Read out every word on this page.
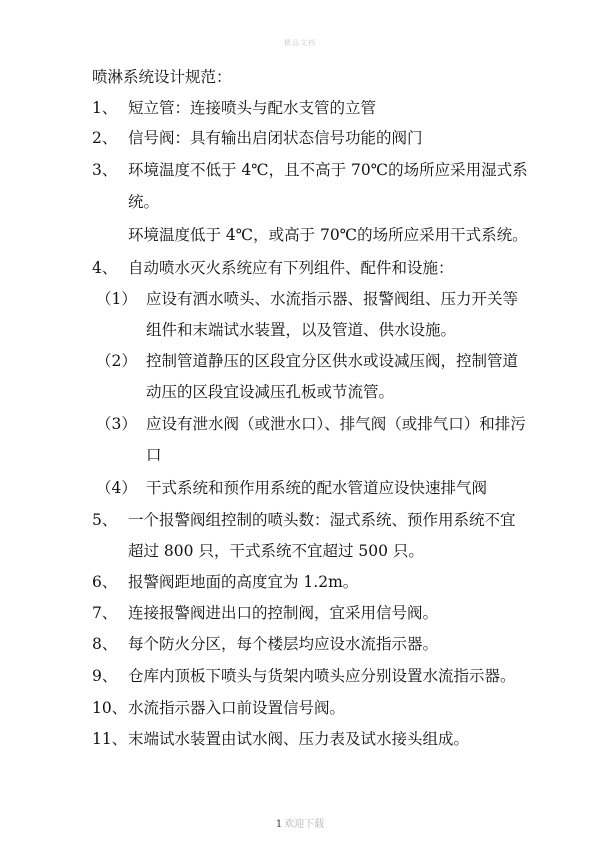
精品文档
喷淋系统设计规范：
1、 短立管：连接喷头与配水支管的立管
2、 信号阀：具有输出启闭状态信号功能的阀门
3、 环境温度不低于 4℃，且不高于 70℃的场所应采用湿式系
统。
环境温度低于 4℃，或高于 70℃的场所应采用干式系统。
4、 自动喷水灭火系统应有下列组件、配件和设施：
（1） 应设有洒水喷头、水流指示器、报警阀组、压力开关等
组件和末端试水装置，以及管道、供水设施。
（2） 控制管道静压的区段宜分区供水或设减压阀，控制管道
动压的区段宜设减压孔板或节流管。
（3） 应设有泄水阀（或泄水口）、排气阀（或排气口）和排污
口
（4） 干式系统和预作用系统的配水管道应设快速排气阀
5、 一个报警阀组控制的喷头数：湿式系统、预作用系统不宜
超过 800 只，干式系统不宜超过 500 只。
6、 报警阀距地面的高度宜为 1.2m。
7、 连接报警阀进出口的控制阀，宜采用信号阀。
8、 每个防火分区，每个楼层均应设水流指示器。
9、 仓库内顶板下喷头与货架内喷头应分别设置水流指示器。
10、 水流指示器入口前设置信号阀。
11、 末端试水装置由试水阀、压力表及试水接头组成。
1 欢迎下载
